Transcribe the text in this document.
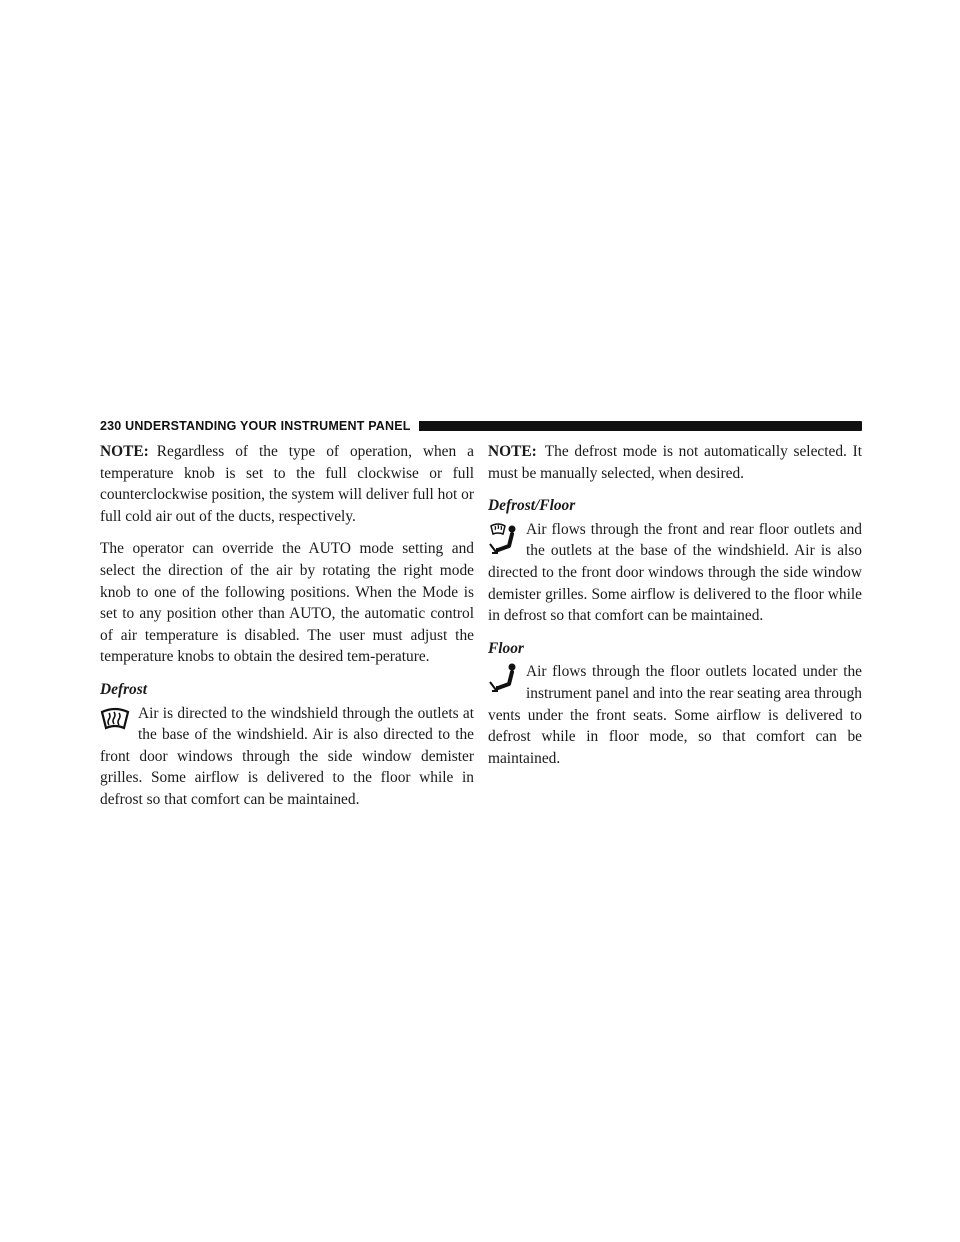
230 UNDERSTANDING YOUR INSTRUMENT PANEL

NOTE: Regardless of the type of operation, when a temperature knob is set to the full clockwise or full counterclockwise position, the system will deliver full hot or full cold air out of the ducts, respectively.

The operator can override the AUTO mode setting and select the direction of the air by rotating the right mode knob to one of the following positions. When the Mode is set to any position other than AUTO, the automatic control of air temperature is disabled. The user must adjust the temperature knobs to obtain the desired tem-perature.

Defrost
Air is directed to the windshield through the outlets at the base of the windshield. Air is also directed to the front door windows through the side window demister grilles. Some airflow is delivered to the floor while in defrost so that comfort can be maintained.

NOTE: The defrost mode is not automatically selected. It must be manually selected, when desired.

Defrost/Floor
Air flows through the front and rear floor outlets and the outlets at the base of the windshield. Air is also directed to the front door windows through the side window demister grilles. Some airflow is delivered to the floor while in defrost so that comfort can be maintained.
Floor
Air flows through the floor outlets located under the instrument panel and into the rear seating area through vents under the front seats. Some airflow is delivered to defrost while in floor mode, so that comfort can be maintained.
